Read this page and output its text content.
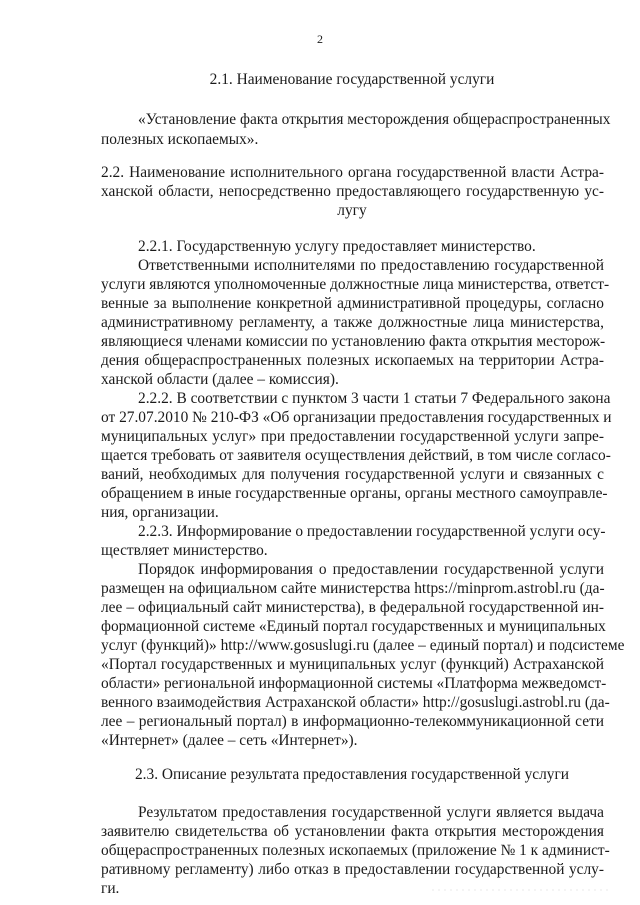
2
2.1. Наименование государственной услуги
«Установление факта открытия месторождения общераспространенных
полезных ископаемых».
2.2. Наименование исполнительного органа государственной власти Астра-
ханской области, непосредственно предоставляющего государственную ус-
лугу
2.2.1. Государственную услугу предоставляет министерство.
Ответственными исполнителями по предоставлению государственной
услуги являются уполномоченные должностные лица министерства, ответст-
венные за выполнение конкретной административной процедуры, согласно
административному регламенту, а также должностные лица министерства,
являющиеся членами комиссии по установлению факта открытия месторож-
дения общераспространенных полезных ископаемых на территории Астра-
ханской области (далее – комиссия).
2.2.2. В соответствии с пунктом 3 части 1 статьи 7 Федерального закона
от 27.07.2010 № 210-ФЗ «Об организации предоставления государственных и
муниципальных услуг» при предоставлении государственной услуги запре-
щается требовать от заявителя осуществления действий, в том числе согласо-
ваний, необходимых для получения государственной услуги и связанных с
обращением в иные государственные органы, органы местного самоуправле-
ния, организации.
2.2.3. Информирование о предоставлении государственной услуги осу-
ществляет министерство.
Порядок информирования о предоставлении государственной услуги
размещен на официальном сайте министерства https://minprom.astrobl.ru (да-
лее – официальный сайт министерства), в федеральной государственной ин-
формационной системе «Единый портал государственных и муниципальных
услуг (функций)» http://www.gosuslugi.ru (далее – единый портал) и подсистеме
«Портал государственных и муниципальных услуг (функций) Астраханской
области» региональной информационной системы «Платформа межведомст-
венного взаимодействия Астраханской области» http://gosuslugi.astrobl.ru (да-
лее – региональный портал) в информационно-телекоммуникационной сети
«Интернет» (далее – сеть «Интернет»).
2.3. Описание результата предоставления государственной услуги
Результатом предоставления государственной услуги является выдача
заявителю свидетельства об установлении факта открытия месторождения
общераспространенных полезных ископаемых (приложение № 1 к админист-
ративному регламенту) либо отказ в предоставлении государственной услу-
ги.
